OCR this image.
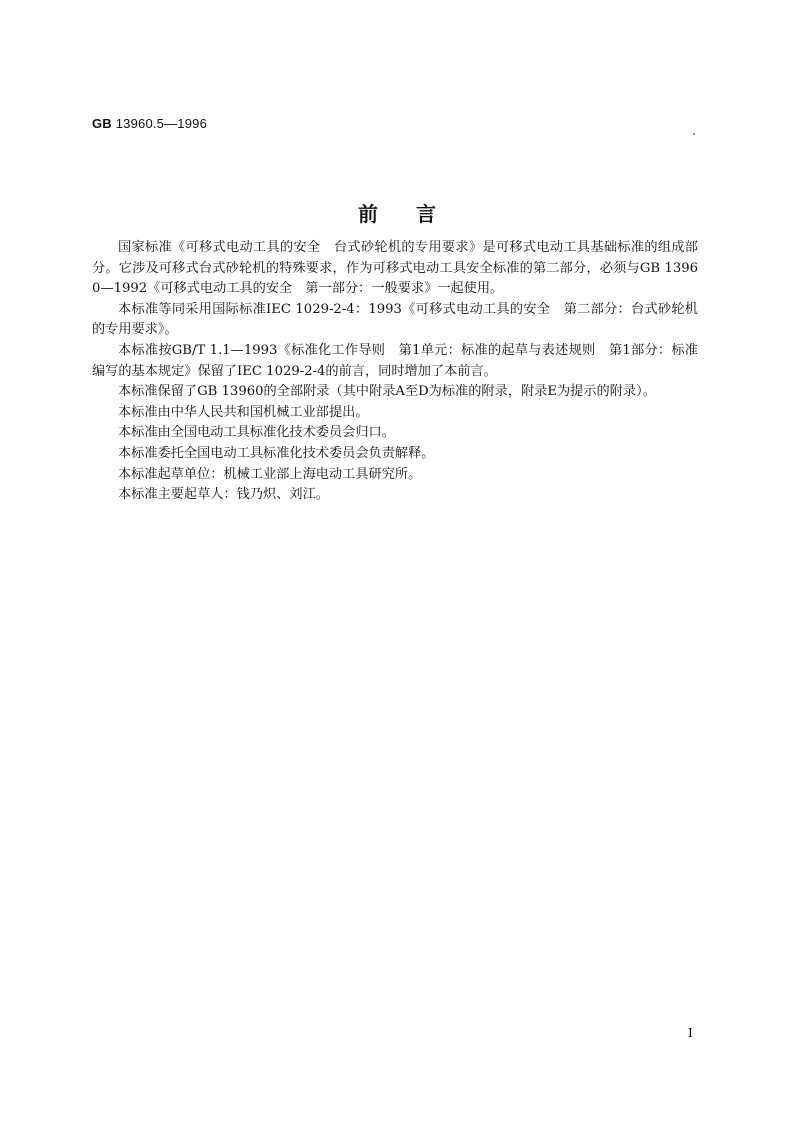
GB 13960.5—1996
前言

国家标准《可移式电动工具的安全　台式砂轮机的专用要求》是可移式电动工具基础标准的组成部分。它涉及可移式台式砂轮机的特殊要求，作为可移式电动工具安全标准的第二部分，必须与GB 13960—1992《可移式电动工具的安全　第一部分：一般要求》一起使用。

本标准等同采用国际标准IEC 1029-2-4：1993《可移式电动工具的安全　第二部分：台式砂轮机的专用要求》。

本标准按GB/T 1.1—1993《标准化工作导则　第1单元：标准的起草与表述规则　第1部分：标准编写的基本规定》保留了IEC 1029-2-4的前言，同时增加了本前言。

本标准保留了GB 13960的全部附录（其中附录A至D为标准的附录，附录E为提示的附录）。

本标准由中华人民共和国机械工业部提出。

本标准由全国电动工具标准化技术委员会归口。

本标准委托全国电动工具标准化技术委员会负责解释。

本标准起草单位：机械工业部上海电动工具研究所。

本标准主要起草人：钱乃炽、刘江。

I
